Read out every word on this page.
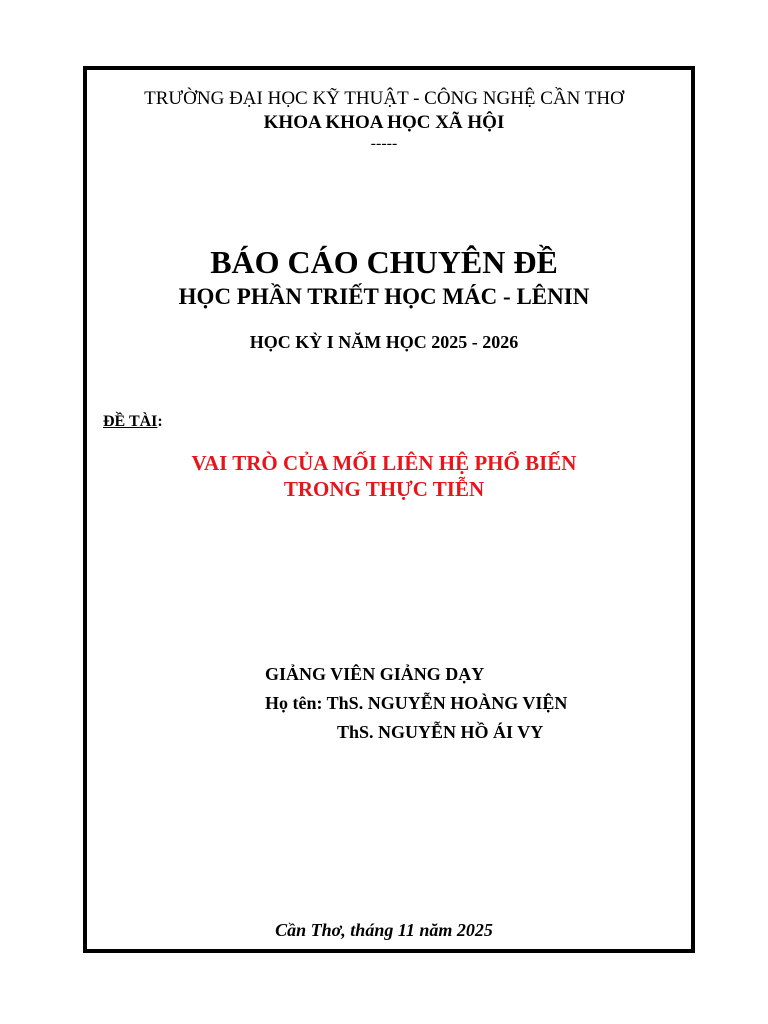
TRƯỜNG ĐẠI HỌC KỸ THUẬT - CÔNG NGHỆ CẦN THƠ
KHOA KHOA HỌC XÃ HỘI
-----
BÁO CÁO CHUYÊN ĐỀ
HỌC PHẦN TRIẾT HỌC MÁC - LÊNIN
HỌC KỲ I NĂM HỌC 2025 - 2026
ĐỀ TÀI:
VAI TRÒ CỦA MỐI LIÊN HỆ PHỔ BIẾN
TRONG THỰC TIỄN
GIẢNG VIÊN GIẢNG DẠY
Họ tên: ThS. NGUYỄN HOÀNG VIỆN
ThS. NGUYỄN HỒ ÁI VY
Cần Thơ, tháng 11 năm 2025
